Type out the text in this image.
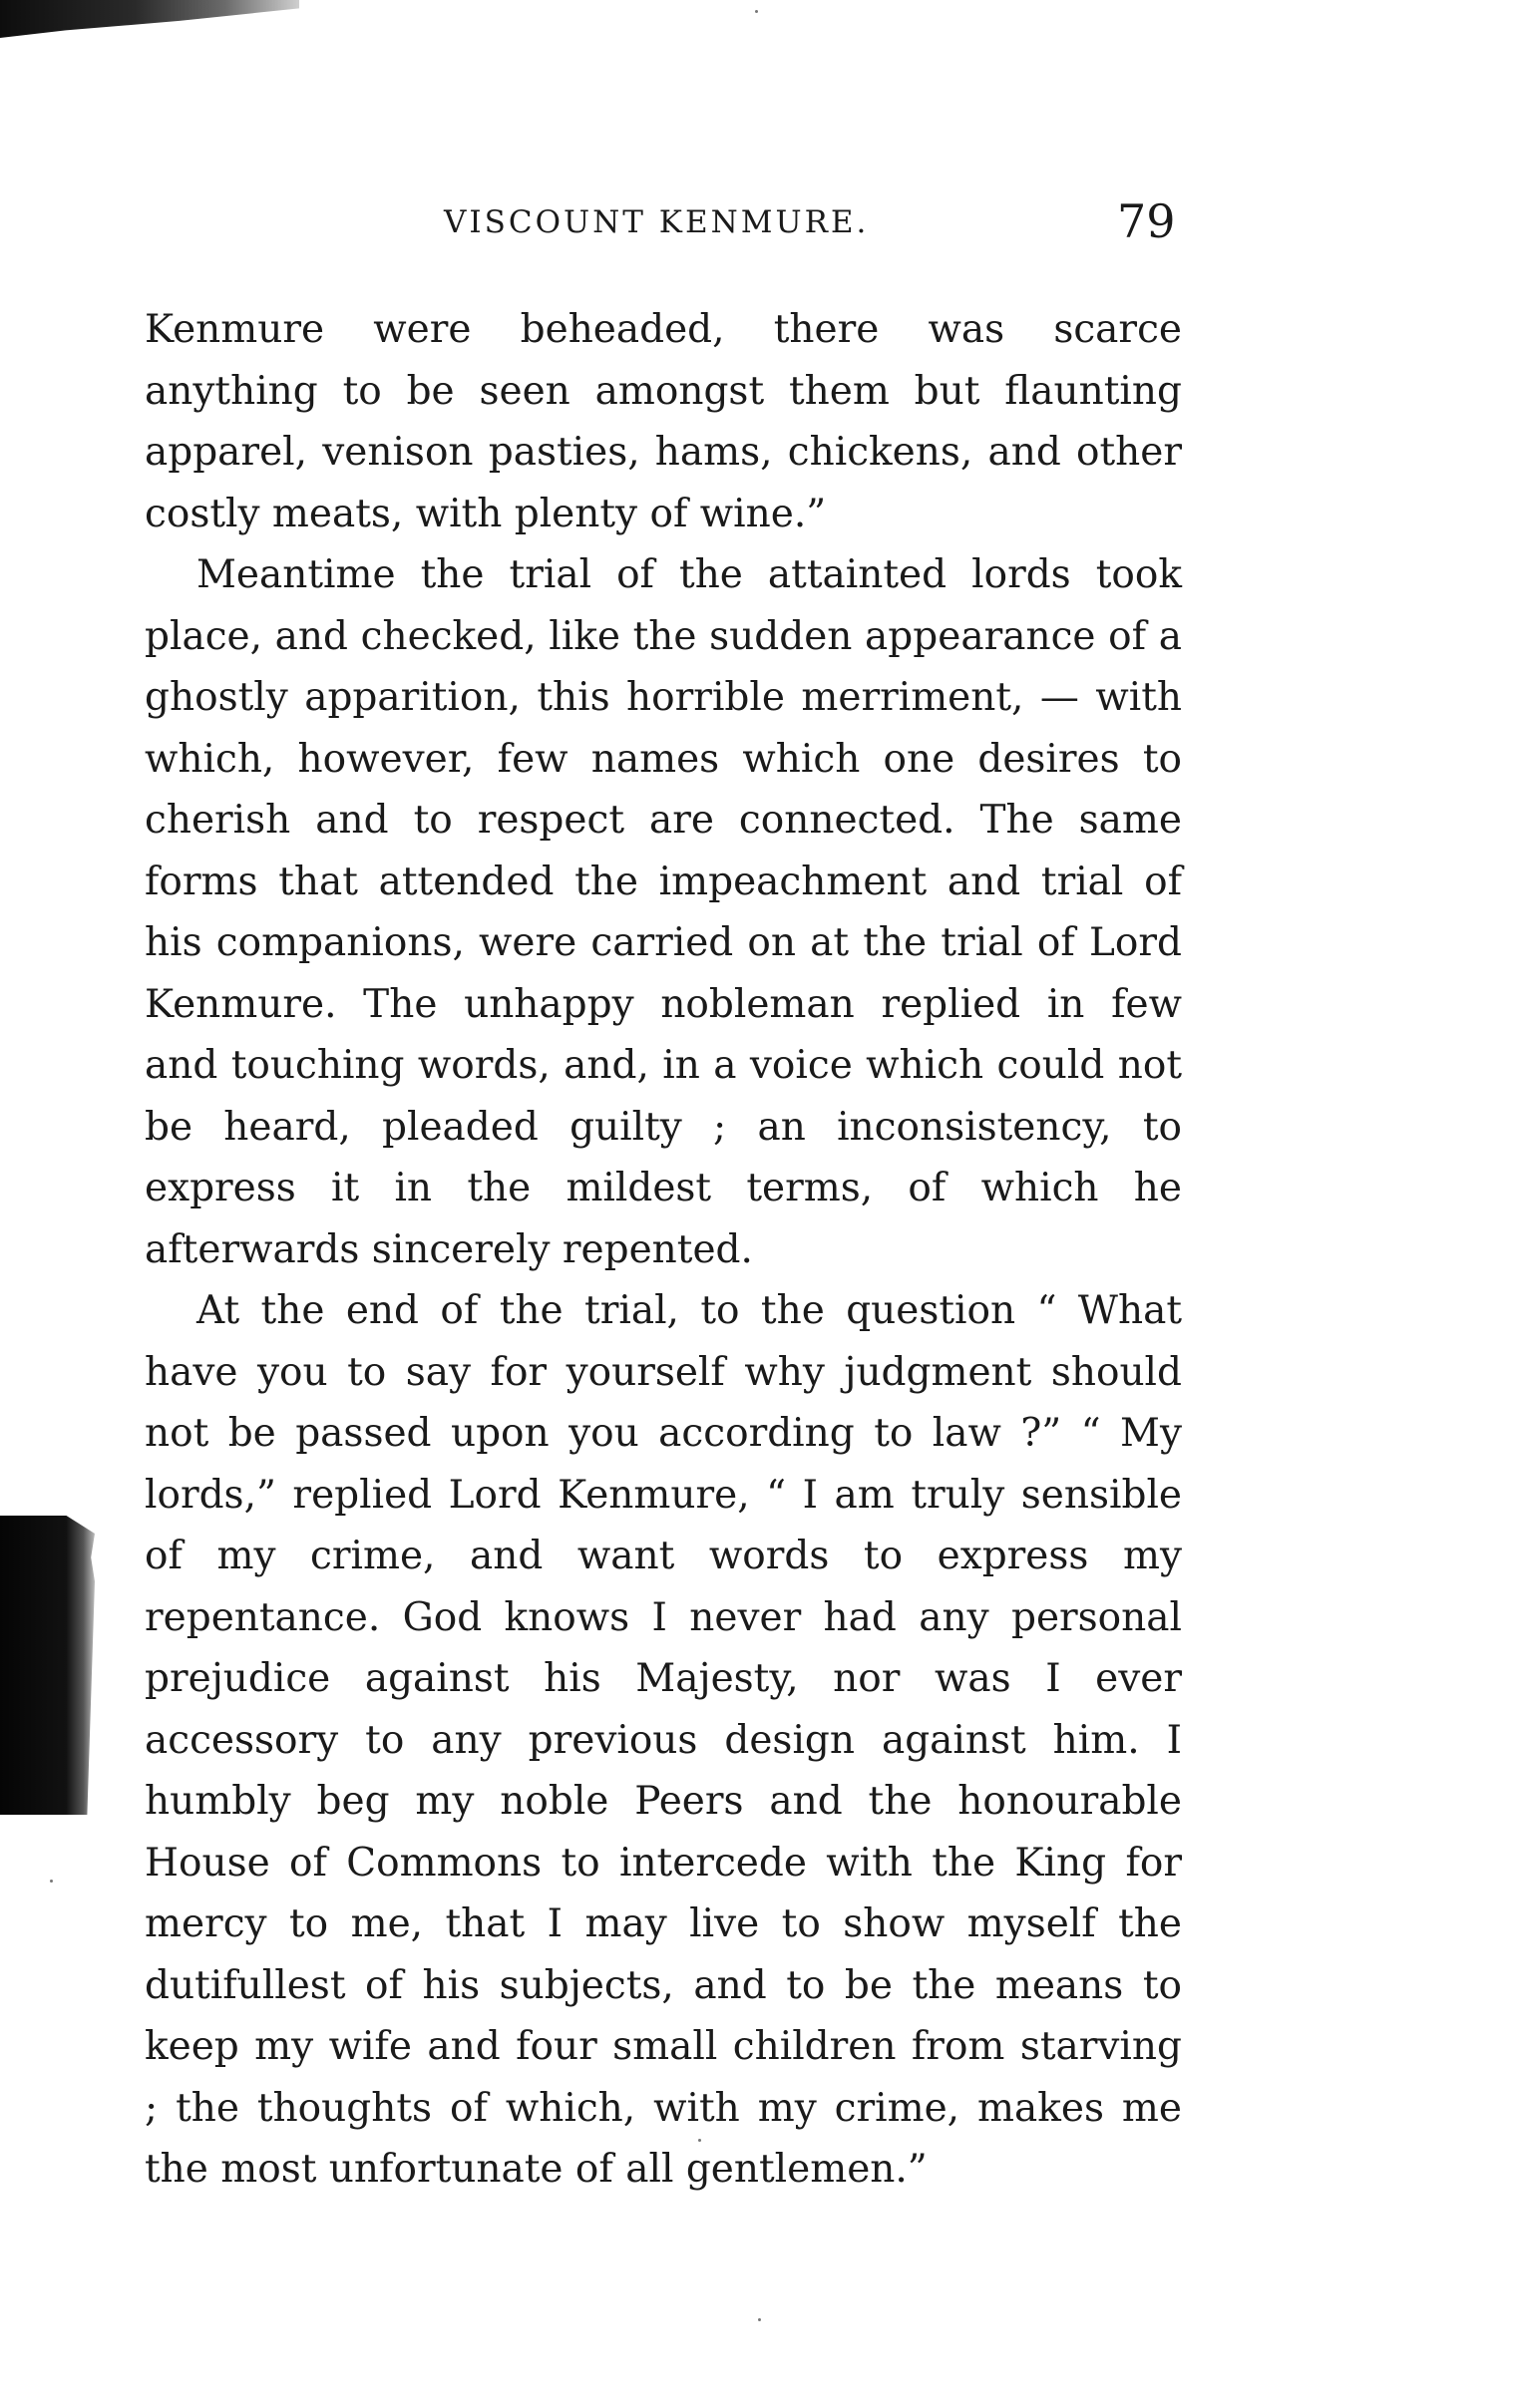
VISCOUNT KENMURE.	79

Kenmure were beheaded, there was scarce anything to be seen amongst them but flaunting apparel, venison pasties, hams, chickens, and other costly meats, with plenty of wine.”

Meantime the trial of the attainted lords took place, and checked, like the sudden appearance of a ghostly apparition, this horrible merriment, — with which, however, few names which one desires to cherish and to respect are connected. The same forms that attended the impeachment and trial of his companions, were carried on at the trial of Lord Kenmure. The unhappy nobleman replied in few and touching words, and, in a voice which could not be heard, pleaded guilty ; an inconsistency, to express it in the mildest terms, of which he afterwards sincerely repented.

At the end of the trial, to the question “ What have you to say for yourself why judgment should not be passed upon you according to law ?” “ My lords,” replied Lord Kenmure, “ I am truly sensible of my crime, and want words to express my repentance. God knows I never had any personal prejudice against his Majesty, nor was I ever accessory to any previous design against him. I humbly beg my noble Peers and the honourable House of Commons to intercede with the King for mercy to me, that I may live to show myself the dutifullest of his subjects, and to be the means to keep my wife and four small children from starving ; the thoughts of which, with my crime, makes me the most unfortunate of all gentlemen.”
